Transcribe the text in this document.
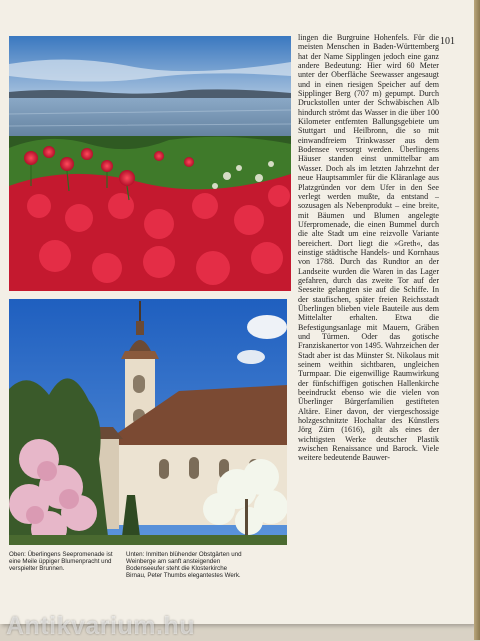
101

lingen die Burgruine Hohenfels. Für die meisten Menschen in Baden-Württemberg hat der Name Sipplingen jedoch eine ganz andere Bedeutung: Hier wird 60 Meter unter der Oberfläche Seewasser angesaugt und in einen riesigen Speicher auf dem Sipplinger Berg (707 m) gepumpt. Durch Druckstollen unter der Schwäbischen Alb hindurch strömt das Wasser in die über 100 Kilometer entfernten Ballungsgebiete um Stuttgart und Heilbronn, die so mit einwandfreiem Trinkwasser aus dem Bodensee versorgt werden. Überlingens Häuser standen einst unmittelbar am Wasser. Doch als im letzten Jahrzehnt der neue Hauptsammler für die Kläranlage aus Platzgründen vor dem Ufer in den See verlegt werden mußte, da entstand – sozusagen als Nebenprodukt – eine breite, mit Bäumen und Blumen angelegte Uferpromenade, die einen Bummel durch die alte Stadt um eine reizvolle Variante bereichert. Dort liegt die »Greth«, das einstige städtische Handels- und Kornhaus von 1788. Durch das Rundtor an der Landseite wurden die Waren in das Lager gefahren, durch das zweite Tor auf der Seeseite gelangten sie auf die Schiffe. In der staufischen, später freien Reichsstadt Überlingen blieben viele Bauteile aus dem Mittelalter erhalten. Etwa die Befestigungsanlage mit Mauern, Gräben und Türmen. Oder das gotische Franziskanertor von 1495. Wahrzeichen der Stadt aber ist das Münster St. Nikolaus mit seinem weithin sichtbaren, ungleichen Turmpaar. Die eigenwillige Raumwirkung der fünfschiffigen gotischen Hallenkirche beeindruckt ebenso wie die vielen von Überlinger Bürgerfamilien gestifteten Altäre. Einer davon, der viergeschossige holzgeschnitzte Hochaltar des Künstlers Jörg Zürn (1616), gilt als eines der wichtigsten Werke deutscher Plastik zwischen Renaissance und Barock. Viele weitere bedeutende Bauwer-

Oben: Überlingens Seepromenade ist eine Meile üppiger Blumenpracht und verspielter Brunnen.

Unten: Inmitten blühender Obstgärten und Weinberge am sanft ansteigenden Bodenseeufer steht die Klosterkirche Birnau, Peter Thumbs elegantestes Werk.

Antikvarium.hu
